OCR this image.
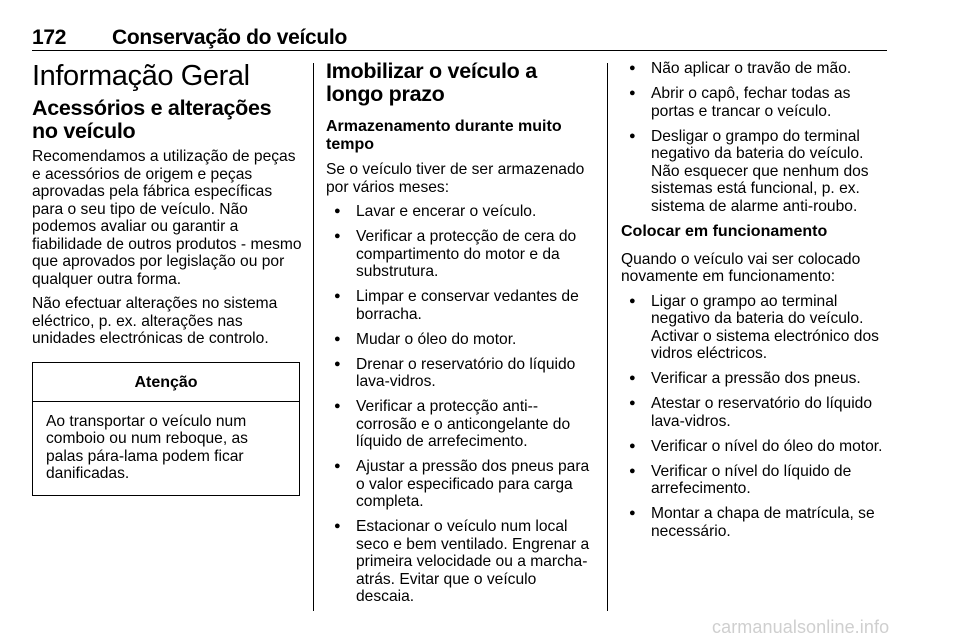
172 Conservação do veículo
Informação Geral
Acessórios e alterações no veículo

Recomendamos a utilização de peças e acessórios de origem e peças aprovadas pela fábrica específicas para o seu tipo de veículo. Não podemos avaliar ou garantir a fiabilidade de outros produtos - mesmo que aprovados por legislação ou por qualquer outra forma.

Não efectuar alterações no sistema eléctrico, p. ex. alterações nas unidades electrónicas de controlo.

Atenção
Ao transportar o veículo num comboio ou num reboque, as palas pára-lama podem ficar danificadas.
Imobilizar o veículo a longo prazo
Armazenamento durante muito tempo

Se o veículo tiver de ser armazenado por vários meses:

● Lavar e encerar o veículo.
● Verificar a protecção de cera do compartimento do motor e da substrutura.
● Limpar e conservar vedantes de borracha.
● Mudar o óleo do motor.
● Drenar o reservatório do líquido lava-vidros.
● Verificar a protecção anti--corrosão e o anticongelante do líquido de arrefecimento.
● Ajustar a pressão dos pneus para o valor especificado para carga completa.
● Estacionar o veículo num local seco e bem ventilado. Engrenar a primeira velocidade ou a marcha-atrás. Evitar que o veículo descaia.
● Não aplicar o travão de mão.
● Abrir o capô, fechar todas as portas e trancar o veículo.
● Desligar o grampo do terminal negativo da bateria do veículo. Não esquecer que nenhum dos sistemas está funcional, p. ex. sistema de alarme anti-roubo.
Colocar em funcionamento

Quando o veículo vai ser colocado novamente em funcionamento:

● Ligar o grampo ao terminal negativo da bateria do veículo. Activar o sistema electrónico dos vidros eléctricos.
● Verificar a pressão dos pneus.
● Atestar o reservatório do líquido lava-vidros.
● Verificar o nível do óleo do motor.
● Verificar o nível do líquido de arrefecimento.
● Montar a chapa de matrícula, se necessário.
carmanualsonline.info
